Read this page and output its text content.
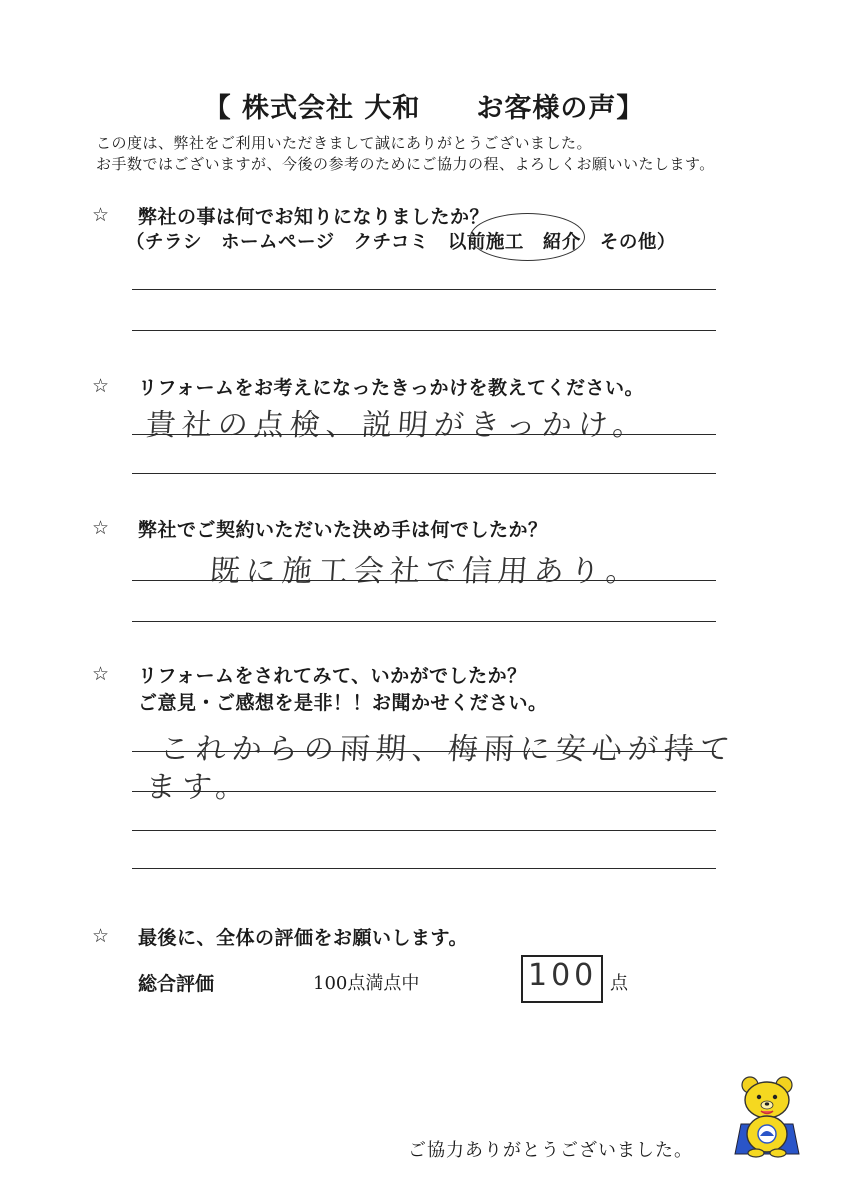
【 株式会社 大和　　お客様の声】
この度は、弊社をご利用いただきまして誠にありがとうございました。
お手数ではございますが、今後の参考のためにご協力の程、よろしくお願いいたします。
☆ 弊社の事は何でお知りになりましたか？
（チラシ　ホームページ　クチコミ　以前施工　紹介　その他）
☆ リフォームをお考えになったきっかけを教えてください。
貴社の点検、説明がきっかけ。
☆ 弊社でご契約いただいた決め手は何でしたか？
既に施工会社で信用あり。
☆ リフォームをされてみて、いかがでしたか？
ご意見・ご感想を是非！！お聞かせください。
これからの雨期、梅雨に安心が持て
ます。
☆ 最後に、全体の評価をお願いします。
総合評価	100点満点中	100 点
ご協力ありがとうございました。
